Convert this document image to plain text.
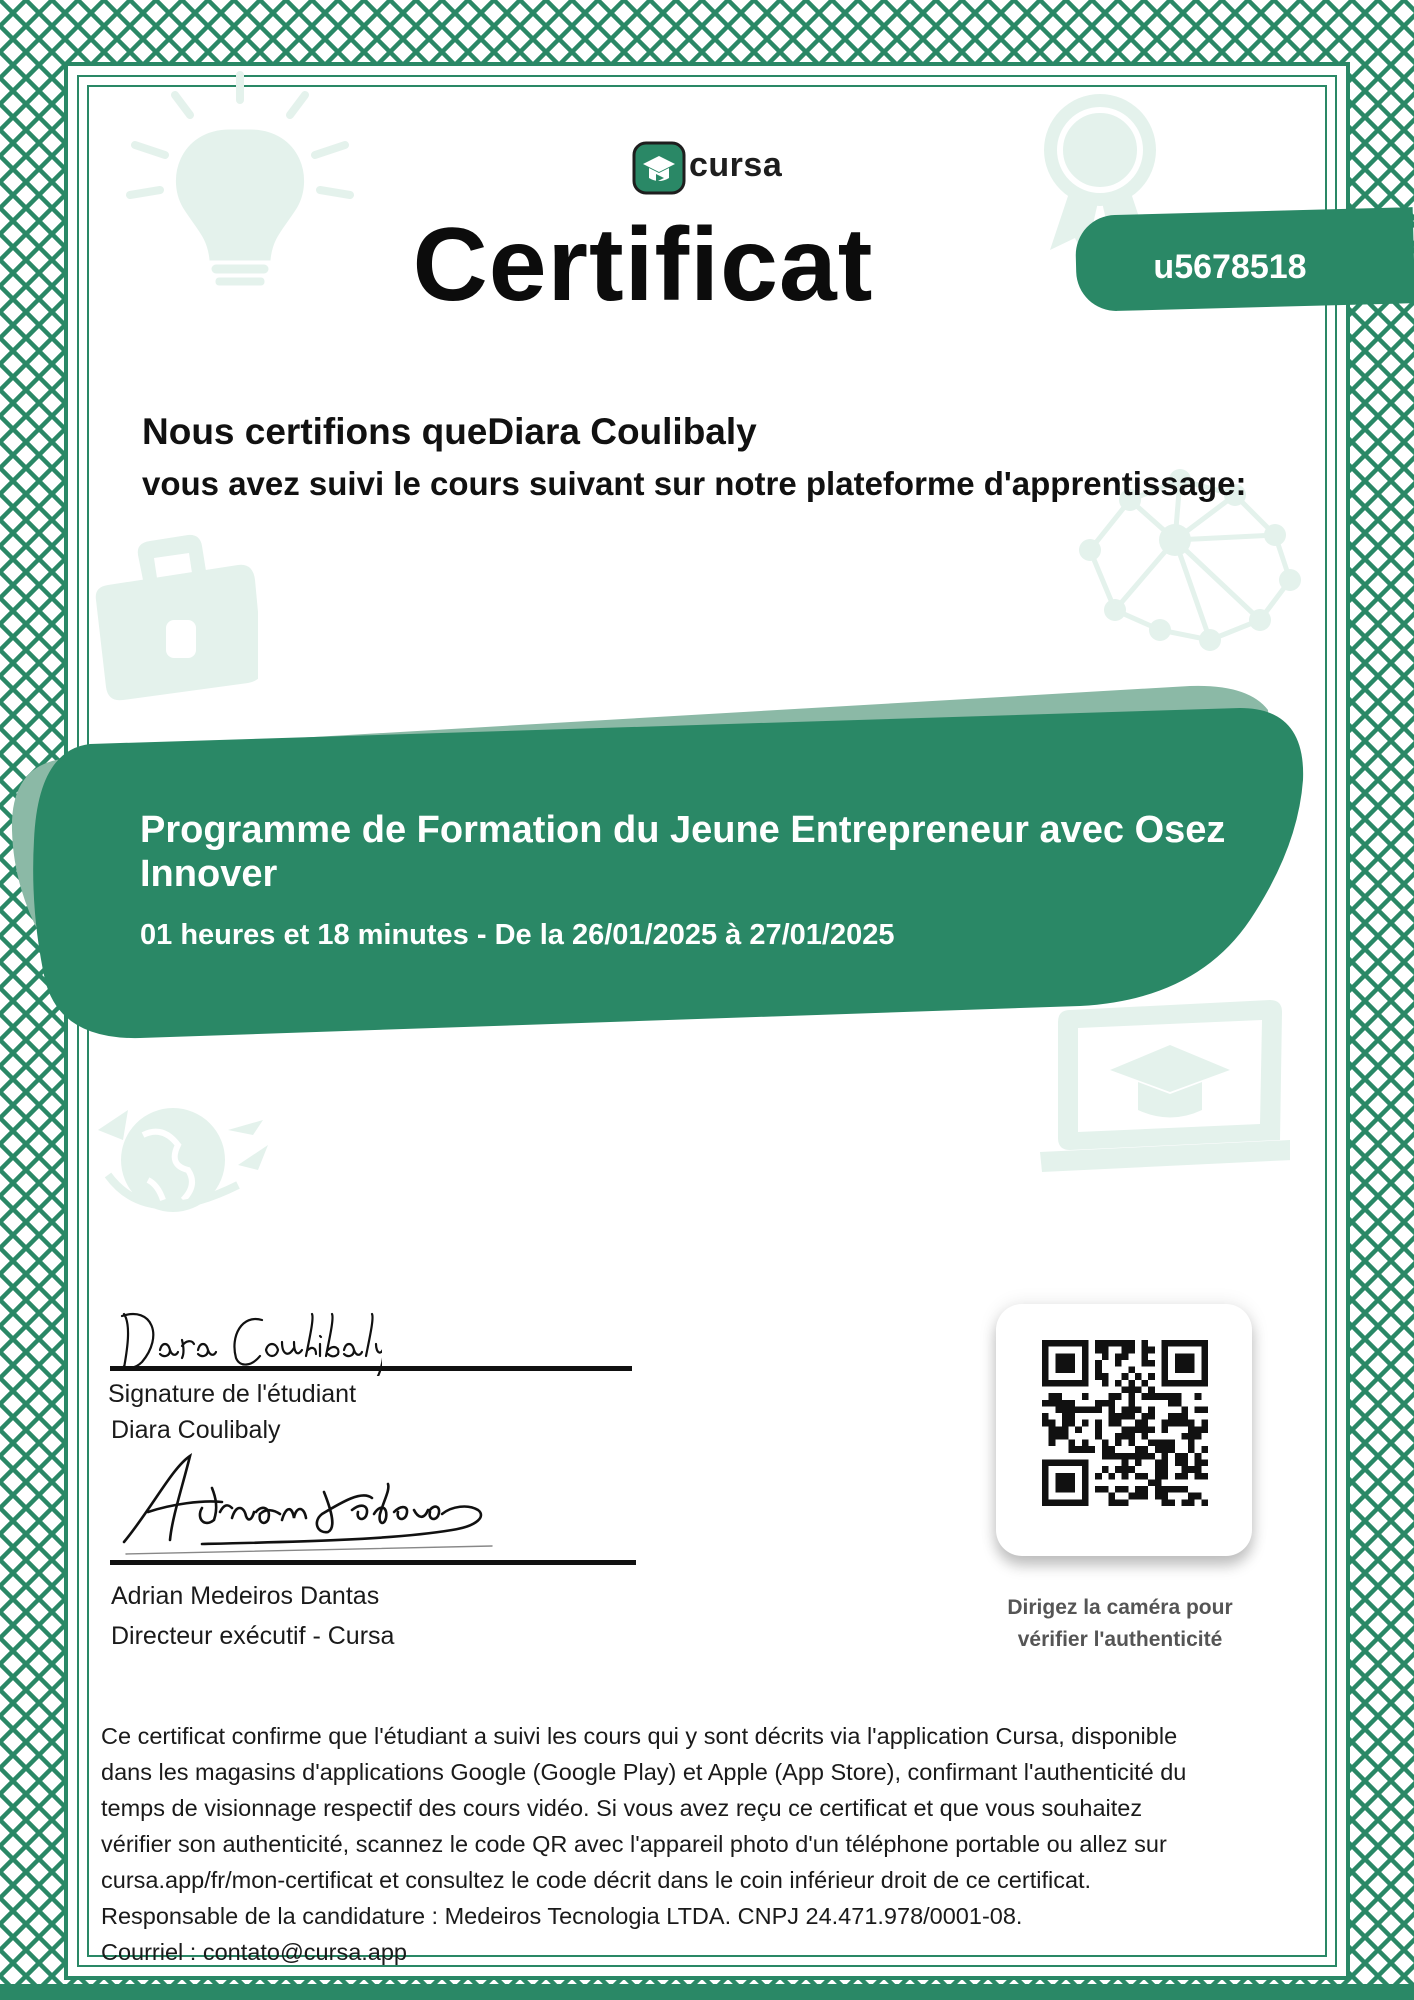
cursa
Certificat	u5678518
Nous certifions queDiara Coulibaly
vous avez suivi le cours suivant sur notre plateforme d'apprentissage:
Programme de Formation du Jeune Entrepreneur avec Osez Innover
01 heures et 18 minutes - De la 26/01/2025 à 27/01/2025
Signature de l'étudiant
Diara Coulibaly
Adrian Medeiros Dantas
Directeur exécutif - Cursa
Dirigez la caméra pour
vérifier l'authenticité
Ce certificat confirme que l'étudiant a suivi les cours qui y sont décrits via l'application Cursa, disponible
dans les magasins d'applications Google (Google Play) et Apple (App Store), confirmant l'authenticité du
temps de visionnage respectif des cours vidéo. Si vous avez reçu ce certificat et que vous souhaitez
vérifier son authenticité, scannez le code QR avec l'appareil photo d'un téléphone portable ou allez sur
cursa.app/fr/mon-certificat et consultez le code décrit dans le coin inférieur droit de ce certificat.
Responsable de la candidature : Medeiros Tecnologia LTDA. CNPJ 24.471.978/0001-08.
Courriel : contato@cursa.app
